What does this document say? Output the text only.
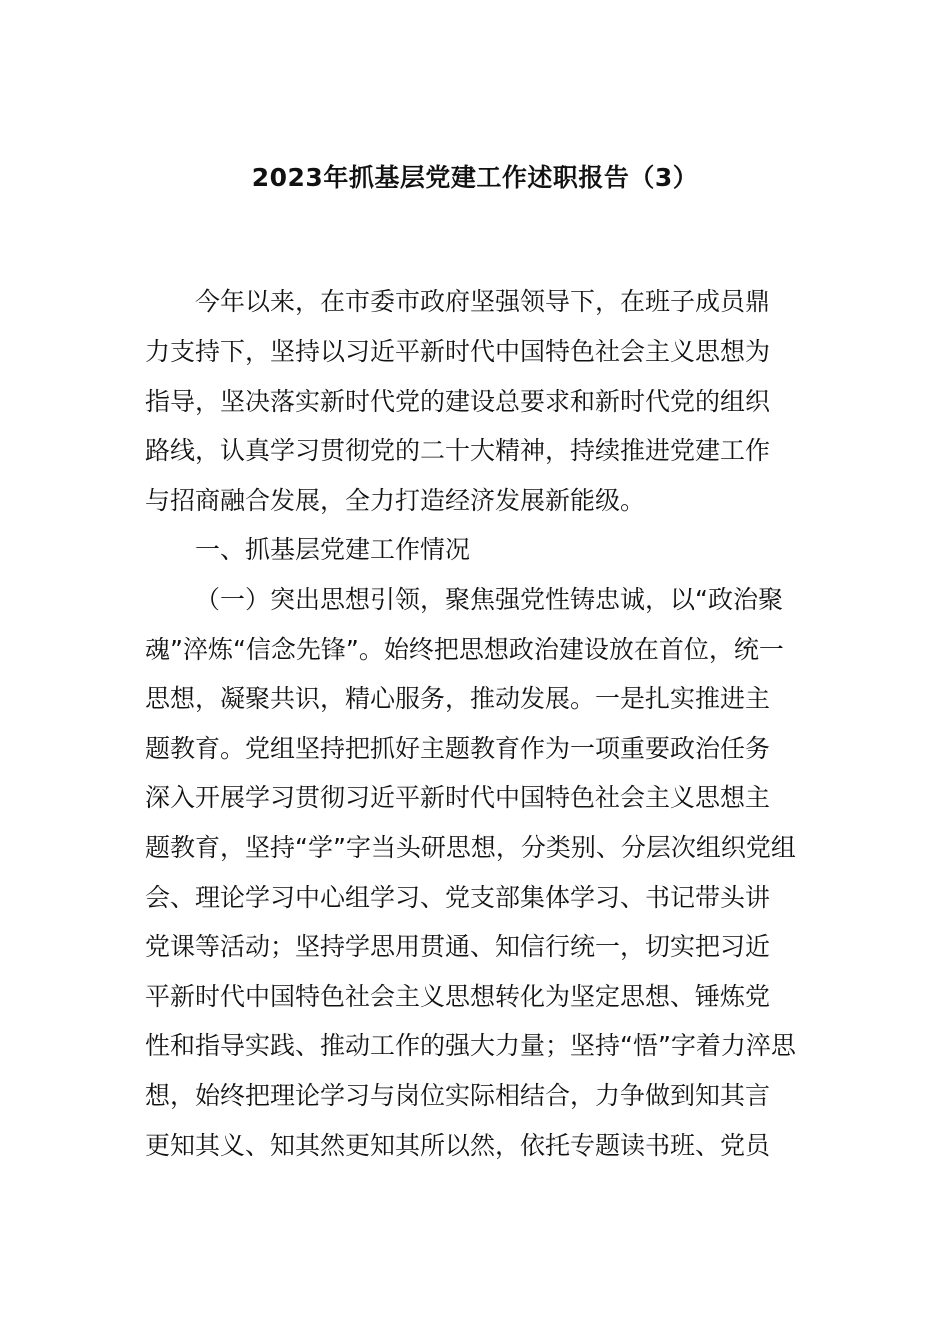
2023年抓基层党建工作述职报告（3）
今年以来，在市委市政府坚强领导下，在班子成员鼎
力支持下，坚持以习近平新时代中国特色社会主义思想为
指导，坚决落实新时代党的建设总要求和新时代党的组织
路线，认真学习贯彻党的二十大精神，持续推进党建工作
与招商融合发展，全力打造经济发展新能级。
一、抓基层党建工作情况
（一）突出思想引领，聚焦强党性铸忠诚，以“政治聚
魂”淬炼“信念先锋”。始终把思想政治建设放在首位，统一
思想，凝聚共识，精心服务，推动发展。一是扎实推进主
题教育。党组坚持把抓好主题教育作为一项重要政治任务
深入开展学习贯彻习近平新时代中国特色社会主义思想主
题教育，坚持“学”字当头研思想，分类别、分层次组织党组
会、理论学习中心组学习、党支部集体学习、书记带头讲
党课等活动；坚持学思用贯通、知信行统一，切实把习近
平新时代中国特色社会主义思想转化为坚定思想、锤炼党
性和指导实践、推动工作的强大力量；坚持“悟”字着力淬思
想，始终把理论学习与岗位实际相结合，力争做到知其言
更知其义、知其然更知其所以然，依托专题读书班、党员
